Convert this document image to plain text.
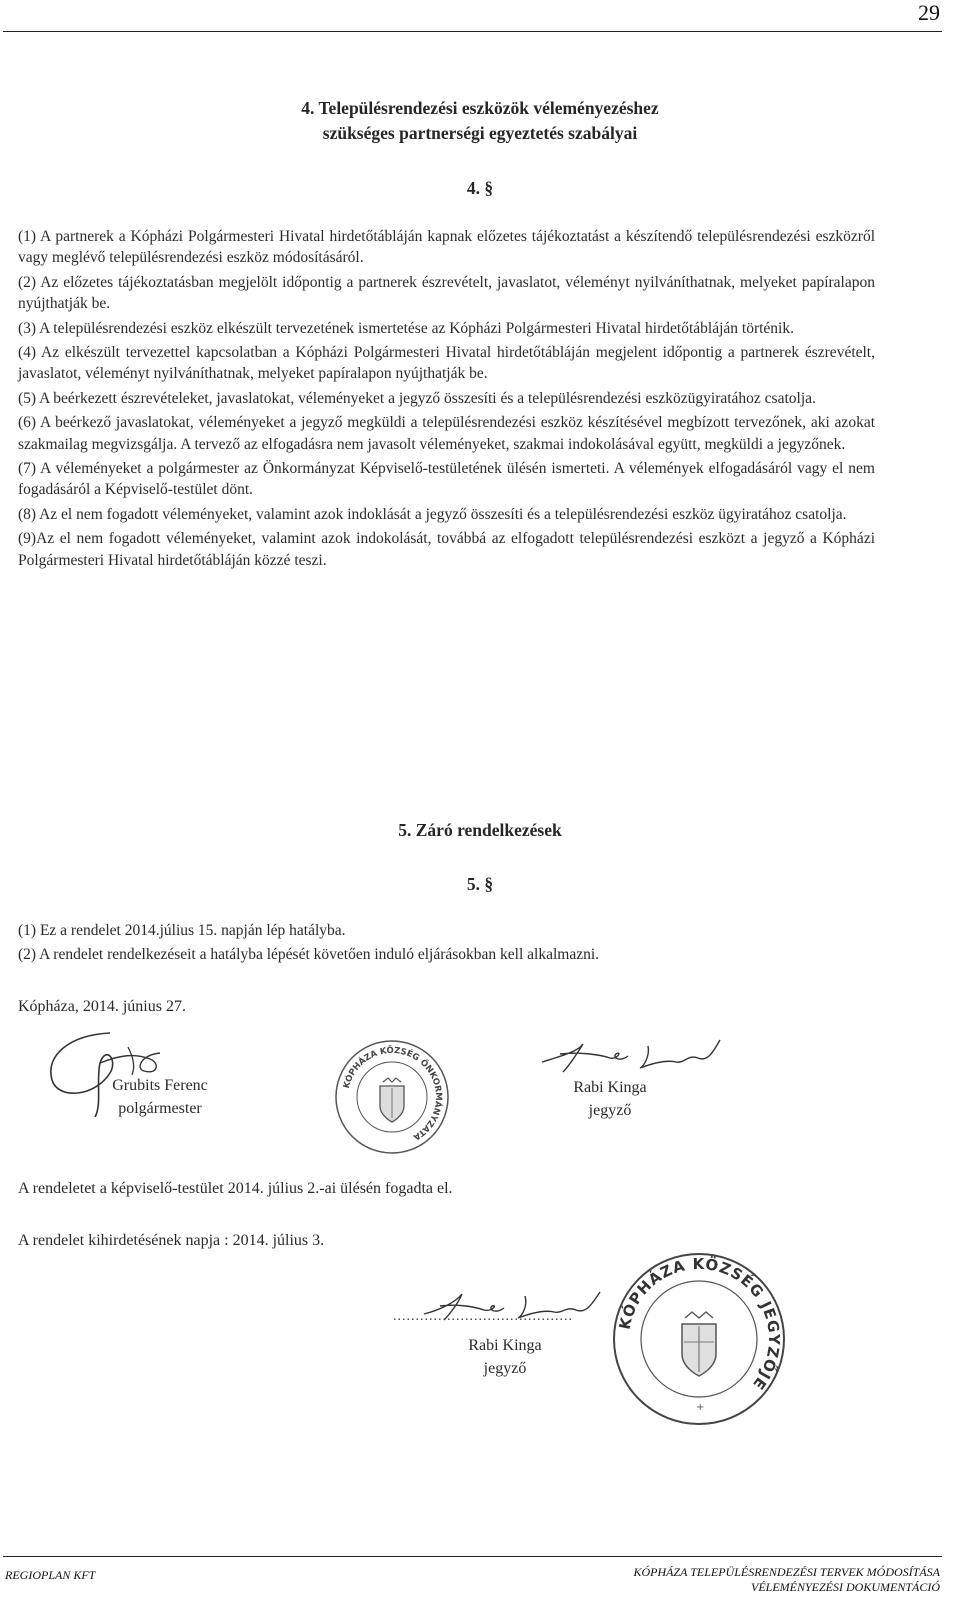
29
4. Településrendezési eszközök véleményezéshez
szükséges partnerségi egyeztetés szabályai
4. §

(1) A partnerek a Kópházi Polgármesteri Hivatal hirdetőtábláján kapnak előzetes tájékoztatást a készítendő településrendezési eszközről vagy meglévő településrendezési eszköz módosításáról.

(2) Az előzetes tájékoztatásban megjelölt időpontig a partnerek észrevételt, javaslatot, véleményt nyilváníthatnak, melyeket papíralapon nyújthatják be.

(3) A településrendezési eszköz elkészült tervezetének ismertetése az Kópházi Polgármesteri Hivatal hirdetőtábláján történik.

(4) Az elkészült tervezettel kapcsolatban a Kópházi Polgármesteri Hivatal hirdetőtábláján megjelent időpontig a partnerek észrevételt, javaslatot, véleményt nyilváníthatnak, melyeket papíralapon nyújthatják be.

(5) A beérkezett észrevételeket, javaslatokat, véleményeket a jegyző összesíti és a településrendezési eszközügyiratához csatolja.

(6) A beérkező javaslatokat, véleményeket a jegyző megküldi a településrendezési eszköz készítésével megbízott tervezőnek, aki azokat szakmailag megvizsgálja. A tervező az elfogadásra nem javasolt véleményeket, szakmai indokolásával együtt, megküldi a jegyzőnek.

(7) A véleményeket a polgármester az Önkormányzat Képviselő-testületének ülésén ismerteti. A vélemények elfogadásáról vagy el nem fogadásáról a Képviselő-testület dönt.

(8) Az el nem fogadott véleményeket, valamint azok indoklását a jegyző összesíti és a településrendezési eszköz ügyiratához csatolja.

(9)Az el nem fogadott véleményeket, valamint azok indokolását, továbbá az elfogadott településrendezési eszközt a jegyző a Kópházi Polgármesteri Hivatal hirdetőtábláján közzé teszi.

5. Záró rendelkezések
5. §
(1) Ez a rendelet 2014.július 15. napján lép hatályba.
(2) A rendelet rendelkezéseit a hatályba lépését követően induló eljárásokban kell alkalmazni.
Kópháza, 2014. június 27.
Grubits Ferenc
polgármester
KÓPHÁZA KÖZSÉG ÖNKORMÁNYZATA
Rabi Kinga
jegyző
A rendeletet a képviselő-testület 2014. július 2.-ai ülésén fogadta el.
A rendelet kihirdetésének napja : 2014. július 3.
........................................
Rabi Kinga
jegyző
KÓPHÁZA KÖZSÉG JEGYZŐJE
+
REGIOPLAN KFT	KÓPHÁZA TELEPÜLÉSRENDEZÉSI TERVEK MÓDOSÍTÁSA
VÉLEMÉNYEZÉSI DOKUMENTÁCIÓ
